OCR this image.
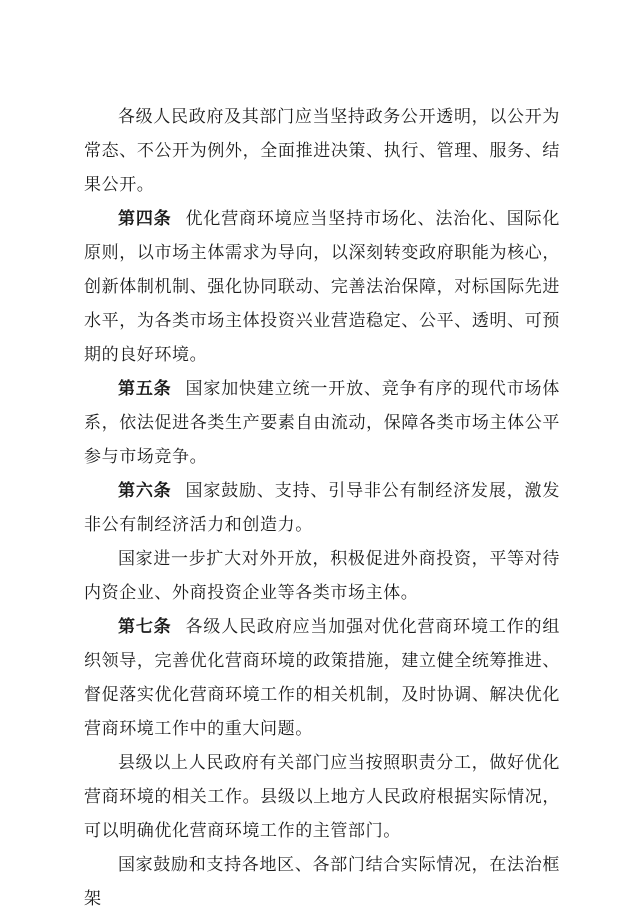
各级人民政府及其部门应当坚持政务公开透明，以公开为常态、不公开为例外，全面推进决策、执行、管理、服务、结果公开。

第四条 优化营商环境应当坚持市场化、法治化、国际化原则，以市场主体需求为导向，以深刻转变政府职能为核心，创新体制机制、强化协同联动、完善法治保障，对标国际先进水平，为各类市场主体投资兴业营造稳定、公平、透明、可预期的良好环境。

第五条 国家加快建立统一开放、竞争有序的现代市场体系，依法促进各类生产要素自由流动，保障各类市场主体公平参与市场竞争。

第六条 国家鼓励、支持、引导非公有制经济发展，激发非公有制经济活力和创造力。

国家进一步扩大对外开放，积极促进外商投资，平等对待内资企业、外商投资企业等各类市场主体。

第七条 各级人民政府应当加强对优化营商环境工作的组织领导，完善优化营商环境的政策措施，建立健全统筹推进、督促落实优化营商环境工作的相关机制，及时协调、解决优化营商环境工作中的重大问题。

县级以上人民政府有关部门应当按照职责分工，做好优化营商环境的相关工作。县级以上地方人民政府根据实际情况，可以明确优化营商环境工作的主管部门。

国家鼓励和支持各地区、各部门结合实际情况，在法治框架
